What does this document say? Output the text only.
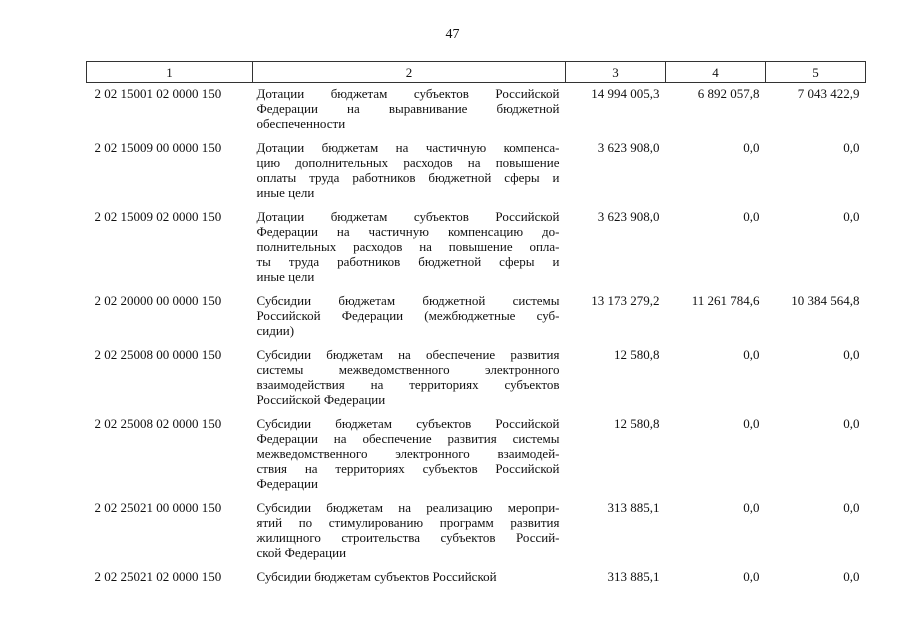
47
1	2	3	4	5
2 02 15001 02 0000 150	Дотации бюджетам субъектов Российской
Федерации на выравнивание бюджетной
обеспеченности	14 994 005,3	6 892 057,8	7 043 422,9
2 02 15009 00 0000 150	Дотации бюджетам на частичную компенса-
цию дополнительных расходов на повышение
оплаты труда работников бюджетной сферы и
иные цели	3 623 908,0	0,0	0,0
2 02 15009 02 0000 150	Дотации бюджетам субъектов Российской
Федерации на частичную компенсацию до-
полнительных расходов на повышение опла-
ты труда работников бюджетной сферы и
иные цели	3 623 908,0	0,0	0,0
2 02 20000 00 0000 150	Субсидии бюджетам бюджетной системы
Российской Федерации (межбюджетные суб-
сидии)	13 173 279,2	11 261 784,6	10 384 564,8
2 02 25008 00 0000 150	Субсидии бюджетам на обеспечение развития
системы межведомственного электронного
взаимодействия на территориях субъектов
Российской Федерации	12 580,8	0,0	0,0
2 02 25008 02 0000 150	Субсидии бюджетам субъектов Российской
Федерации на обеспечение развития системы
межведомственного электронного взаимодей-
ствия на территориях субъектов Российской
Федерации	12 580,8	0,0	0,0
2 02 25021 00 0000 150	Субсидии бюджетам на реализацию меропри-
ятий по стимулированию программ развития
жилищного строительства субъектов Россий-
ской Федерации	313 885,1	0,0	0,0
2 02 25021 02 0000 150	Субсидии бюджетам субъектов Российской	313 885,1	0,0	0,0
